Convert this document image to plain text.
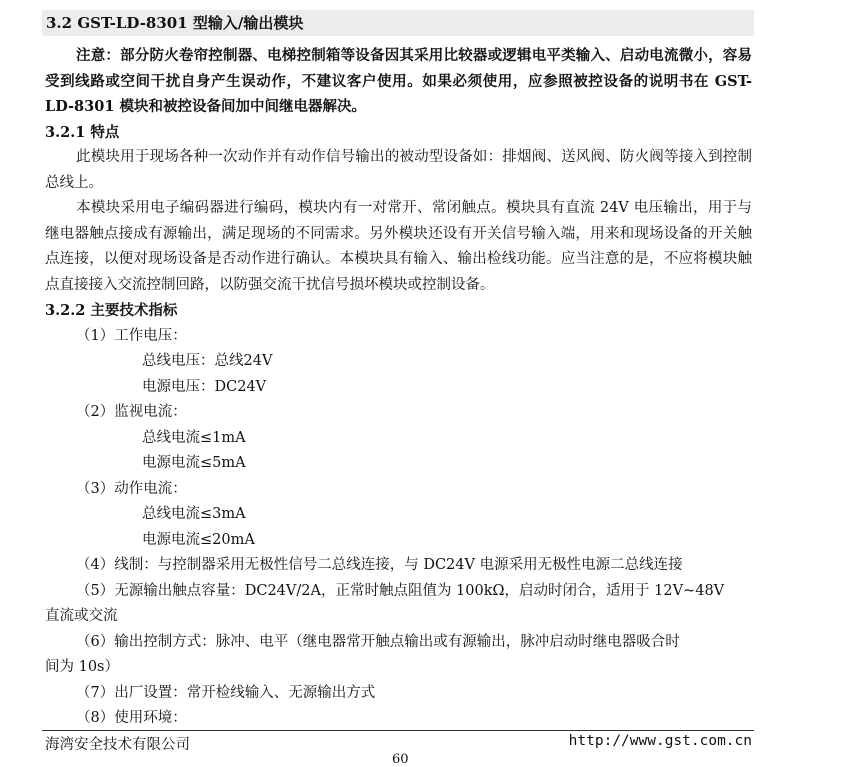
3.2 GST-LD-8301 型输入/输出模块

注意：部分防火卷帘控制器、电梯控制箱等设备因其采用比较器或逻辑电平类输入、启动电流微小，容易受到线路或空间干扰自身产生误动作，不建议客户使用。如果必须使用，应参照被控设备的说明书在 GST-LD-8301 模块和被控设备间加中间继电器解决。

3.2.1 特点

此模块用于现场各种一次动作并有动作信号输出的被动型设备如：排烟阀、送风阀、防火阀等接入到控制总线上。

本模块采用电子编码器进行编码，模块内有一对常开、常闭触点。模块具有直流 24V 电压输出，用于与继电器触点接成有源输出，满足现场的不同需求。另外模块还设有开关信号输入端，用来和现场设备的开关触点连接，以便对现场设备是否动作进行确认。本模块具有输入、输出检线功能。应当注意的是，不应将模块触点直接接入交流控制回路，以防强交流干扰信号损坏模块或控制设备。

3.2.2 主要技术指标

（1）工作电压：

总线电压：总线24V

电源电压：DC24V

（2）监视电流：

总线电流≤1mA

电源电流≤5mA

（3）动作电流：

总线电流≤3mA

电源电流≤20mA

（4）线制：与控制器采用无极性信号二总线连接，与 DC24V 电源采用无极性电源二总线连接

（5）无源输出触点容量：DC24V/2A，正常时触点阻值为 100kΩ，启动时闭合，适用于 12V~48V

直流或交流

（6）输出控制方式：脉冲、电平（继电器常开触点输出或有源输出，脉冲启动时继电器吸合时

间为 10s）

（7）出厂设置：常开检线输入、无源输出方式

（8）使用环境：

海湾安全技术有限公司	http://www.gst.com.cn
60
